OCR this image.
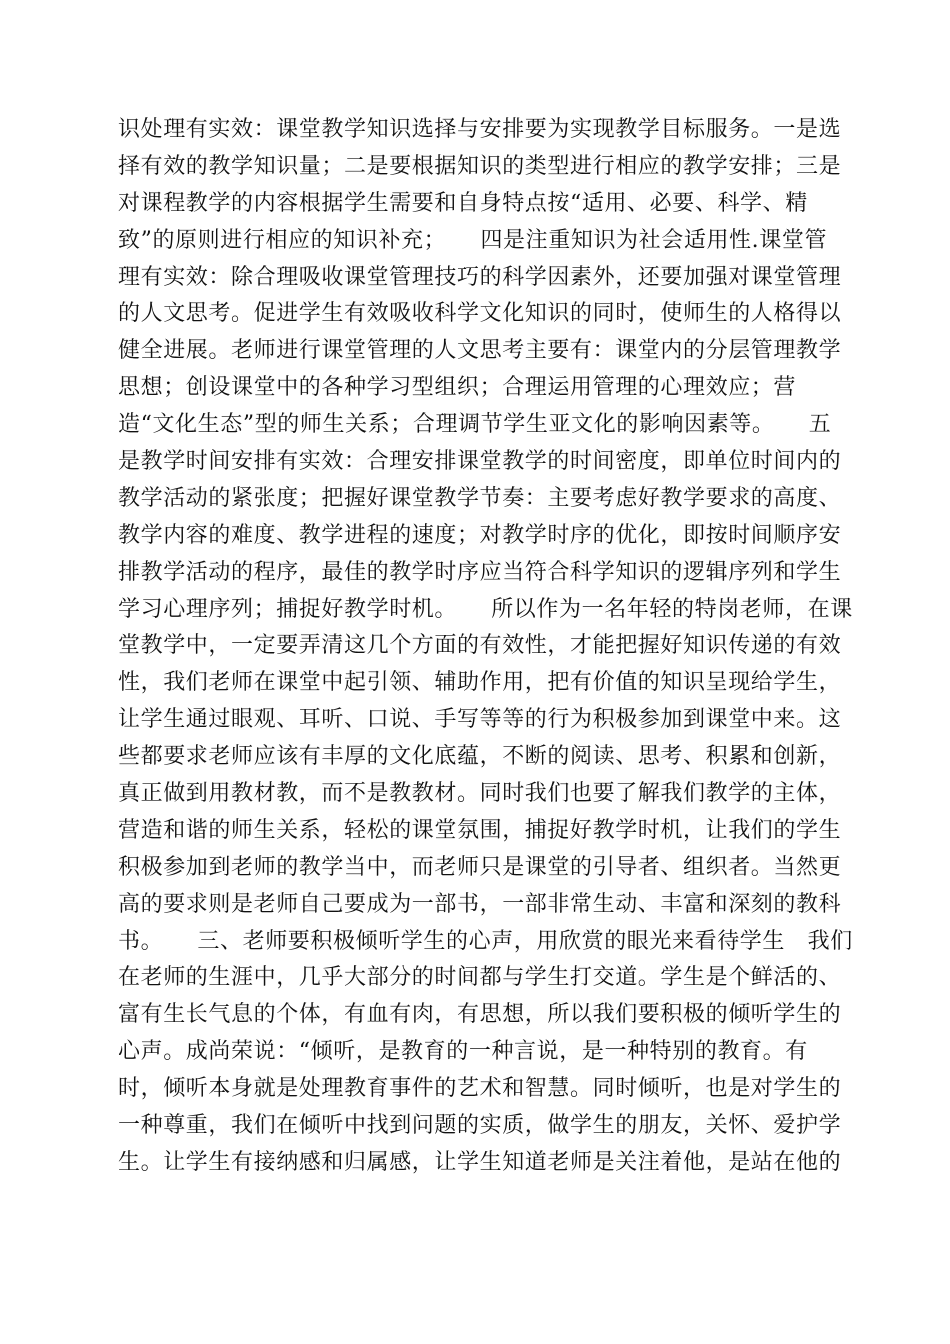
识处理有实效：课堂教学知识选择与安排要为实现教学目标服务。一是选
择有效的教学知识量；二是要根据知识的类型进行相应的教学安排；三是
对课程教学的内容根据学生需要和自身特点按“适用、必要、科学、精
致”的原则进行相应的知识补充；　　四是注重知识为社会适用性.课堂管
理有实效：除合理吸收课堂管理技巧的科学因素外，还要加强对课堂管理
的人文思考。促进学生有效吸收科学文化知识的同时，使师生的人格得以
健全进展。老师进行课堂管理的人文思考主要有：课堂内的分层管理教学
思想；创设课堂中的各种学习型组织；合理运用管理的心理效应；营
造“文化生态”型的师生关系；合理调节学生亚文化的影响因素等。　　五
是教学时间安排有实效：合理安排课堂教学的时间密度，即单位时间内的
教学活动的紧张度；把握好课堂教学节奏：主要考虑好教学要求的高度、
教学内容的难度、教学进程的速度；对教学时序的优化，即按时间顺序安
排教学活动的程序，最佳的教学时序应当符合科学知识的逻辑序列和学生
学习心理序列；捕捉好教学时机。　　所以作为一名年轻的特岗老师，在课
堂教学中，一定要弄清这几个方面的有效性，才能把握好知识传递的有效
性，我们老师在课堂中起引领、辅助作用，把有价值的知识呈现给学生，
让学生通过眼观、耳听、口说、手写等等的行为积极参加到课堂中来。这
些都要求老师应该有丰厚的文化底蕴，不断的阅读、思考、积累和创新，
真正做到用教材教，而不是教教材。同时我们也要了解我们教学的主体，
营造和谐的师生关系，轻松的课堂氛围，捕捉好教学时机，让我们的学生
积极参加到老师的教学当中，而老师只是课堂的引导者、组织者。当然更
高的要求则是老师自己要成为一部书，一部非常生动、丰富和深刻的教科
书。　　三、老师要积极倾听学生的心声，用欣赏的眼光来看待学生　我们
在老师的生涯中，几乎大部分的时间都与学生打交道。学生是个鲜活的、
富有生长气息的个体，有血有肉，有思想，所以我们要积极的倾听学生的
心声。成尚荣说：“倾听，是教育的一种言说，是一种特别的教育。有
时，倾听本身就是处理教育事件的艺术和智慧。同时倾听，也是对学生的
一种尊重，我们在倾听中找到问题的实质，做学生的朋友，关怀、爱护学
生。让学生有接纳感和归属感，让学生知道老师是关注着他，是站在他的
